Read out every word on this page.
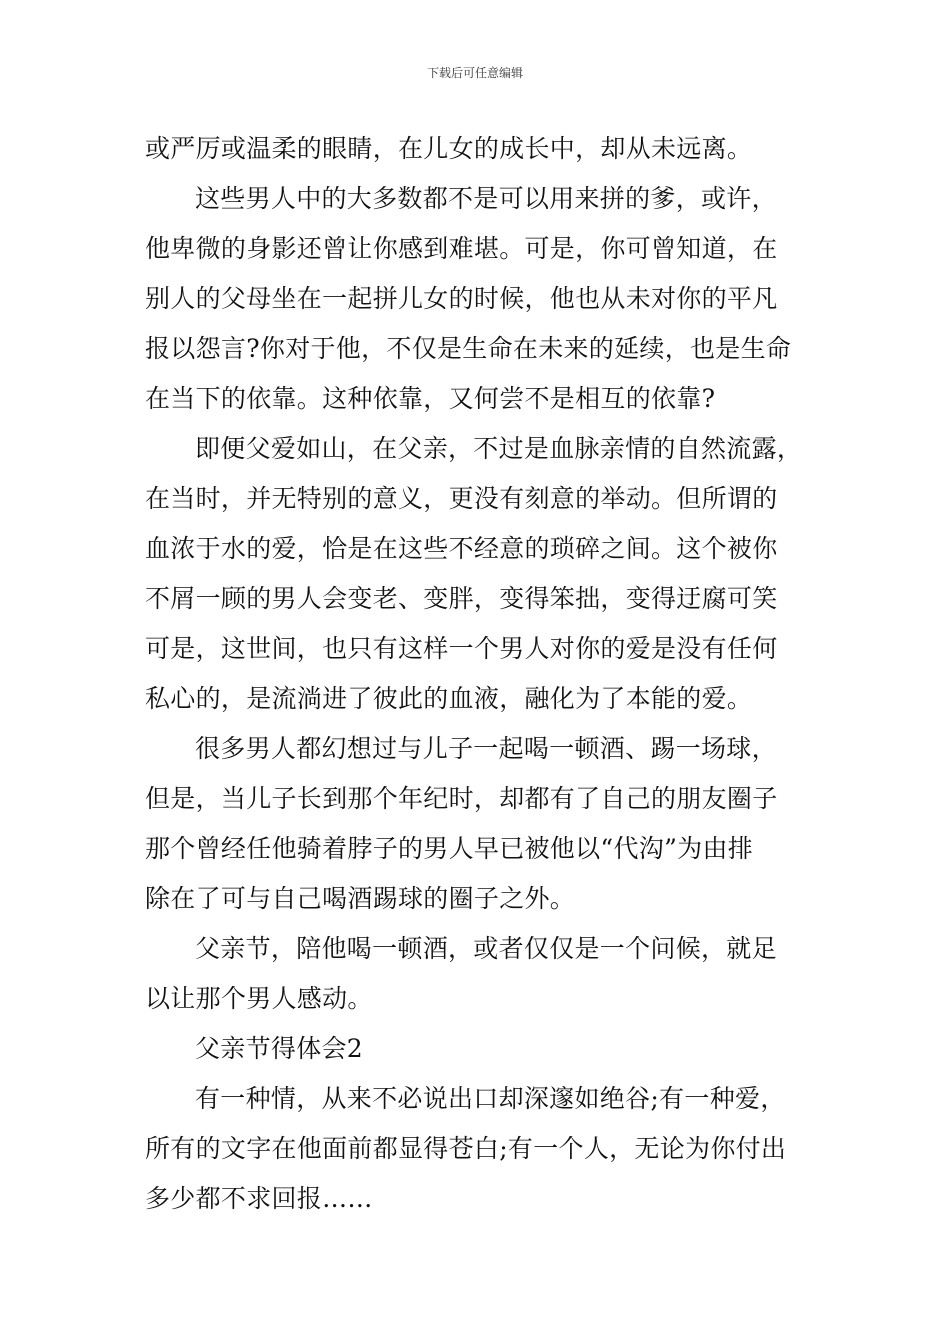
下载后可任意编辑
或严厉或温柔的眼睛，在儿女的成长中，却从未远离。
这些男人中的大多数都不是可以用来拼的爹，或许，
他卑微的身影还曾让你感到难堪。可是，你可曾知道，在
别人的父母坐在一起拼儿女的时候，他也从未对你的平凡
报以怨言?你对于他，不仅是生命在未来的延续，也是生命
在当下的依靠。这种依靠，又何尝不是相互的依靠?
即便父爱如山，在父亲，不过是血脉亲情的自然流露，
在当时，并无特别的意义，更没有刻意的举动。但所谓的
血浓于水的爱，恰是在这些不经意的琐碎之间。这个被你
不屑一顾的男人会变老、变胖，变得笨拙，变得迂腐可笑
可是，这世间，也只有这样一个男人对你的爱是没有任何
私心的，是流淌进了彼此的血液，融化为了本能的爱。
很多男人都幻想过与儿子一起喝一顿酒、踢一场球，
但是，当儿子长到那个年纪时，却都有了自己的朋友圈子
那个曾经任他骑着脖子的男人早已被他以“代沟”为由排
除在了可与自己喝酒踢球的圈子之外。
父亲节，陪他喝一顿酒，或者仅仅是一个问候，就足
以让那个男人感动。
父亲节得体会2
有一种情，从来不必说出口却深邃如绝谷;有一种爱，
所有的文字在他面前都显得苍白;有一个人，无论为你付出
多少都不求回报……
